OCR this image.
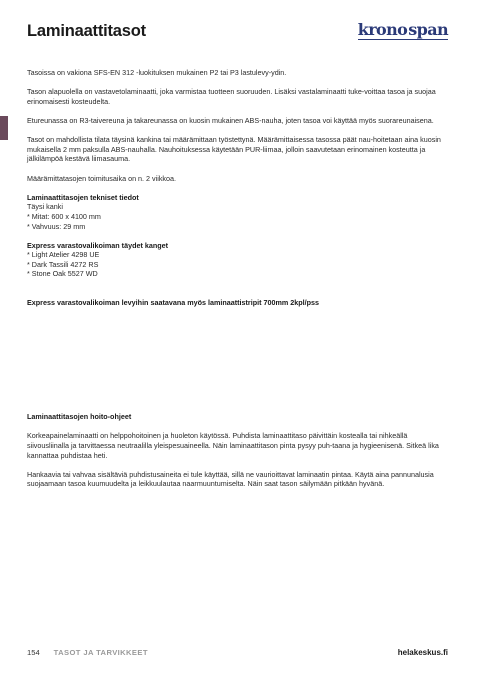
Laminaattitasot	krono span

Tasoissa on vakiona SFS-EN 312 -luokituksen mukainen P2 tai P3 lastulevy-ydin.

Tason alapuolella on vastavetolaminaatti, joka varmistaa tuotteen suoruuden. Lisäksi vastalaminaatti tuke-voittaa tasoa ja suojaa erinomaisesti kosteudelta.

Etureunassa on R3-taivereuna ja takareunassa on kuosin mukainen ABS-nauha, joten tasoa voi käyttää myös suorareunaisena.

Tasot on mahdollista tilata täysinä kankina tai määrämittaan työstettynä. Määrämittaisessa tasossa päät nau-hoitetaan aina kuosin mukaisella 2 mm paksulla ABS-nauhalla. Nauhoituksessa käytetään PUR-liimaa, jolloin saavutetaan erinomainen kosteutta ja jälkilämpöä kestävä liimasauma.

Määrämittatasojen toimitusaika on n. 2 viikkoa.

Laminaattitasojen tekniset tiedot
Täysi kanki
* Mitat: 600 x 4100 mm
* Vahvuus: 29 mm

Express varastovalikoiman täydet kanget
* Light Atelier 4298 UE
* Dark Tassili 4272 RS
* Stone Oak 5527 WD

Express varastovalikoiman levyihin saatavana myös laminaattistripit 700mm 2kpl/pss

Laminaattitasojen hoito-ohjeet

Korkeapainelaminaatti on helppohoitoinen ja huoleton käytössä. Puhdista laminaattitaso päivittäin kostealla tai nihkeällä siivousliinalla ja tarvittaessa neutraalilla yleispesuaineella. Näin laminaattitason pinta pysyy puh-taana ja hygieenisenä. Sitkeä lika kannattaa puhdistaa heti.

Hankaavia tai vahvaa sisältäviä puhdistusaineita ei tule käyttää, sillä ne vaurioittavat laminaatin pintaa. Käytä aina pannunalusia suojaamaan tasoa kuumuudelta ja leikkuulautaa naarmuuntumiselta. Näin saat tason säilymään pitkään hyvänä.

154 TASOT JA TARVIKKEET	helakeskus.fi
